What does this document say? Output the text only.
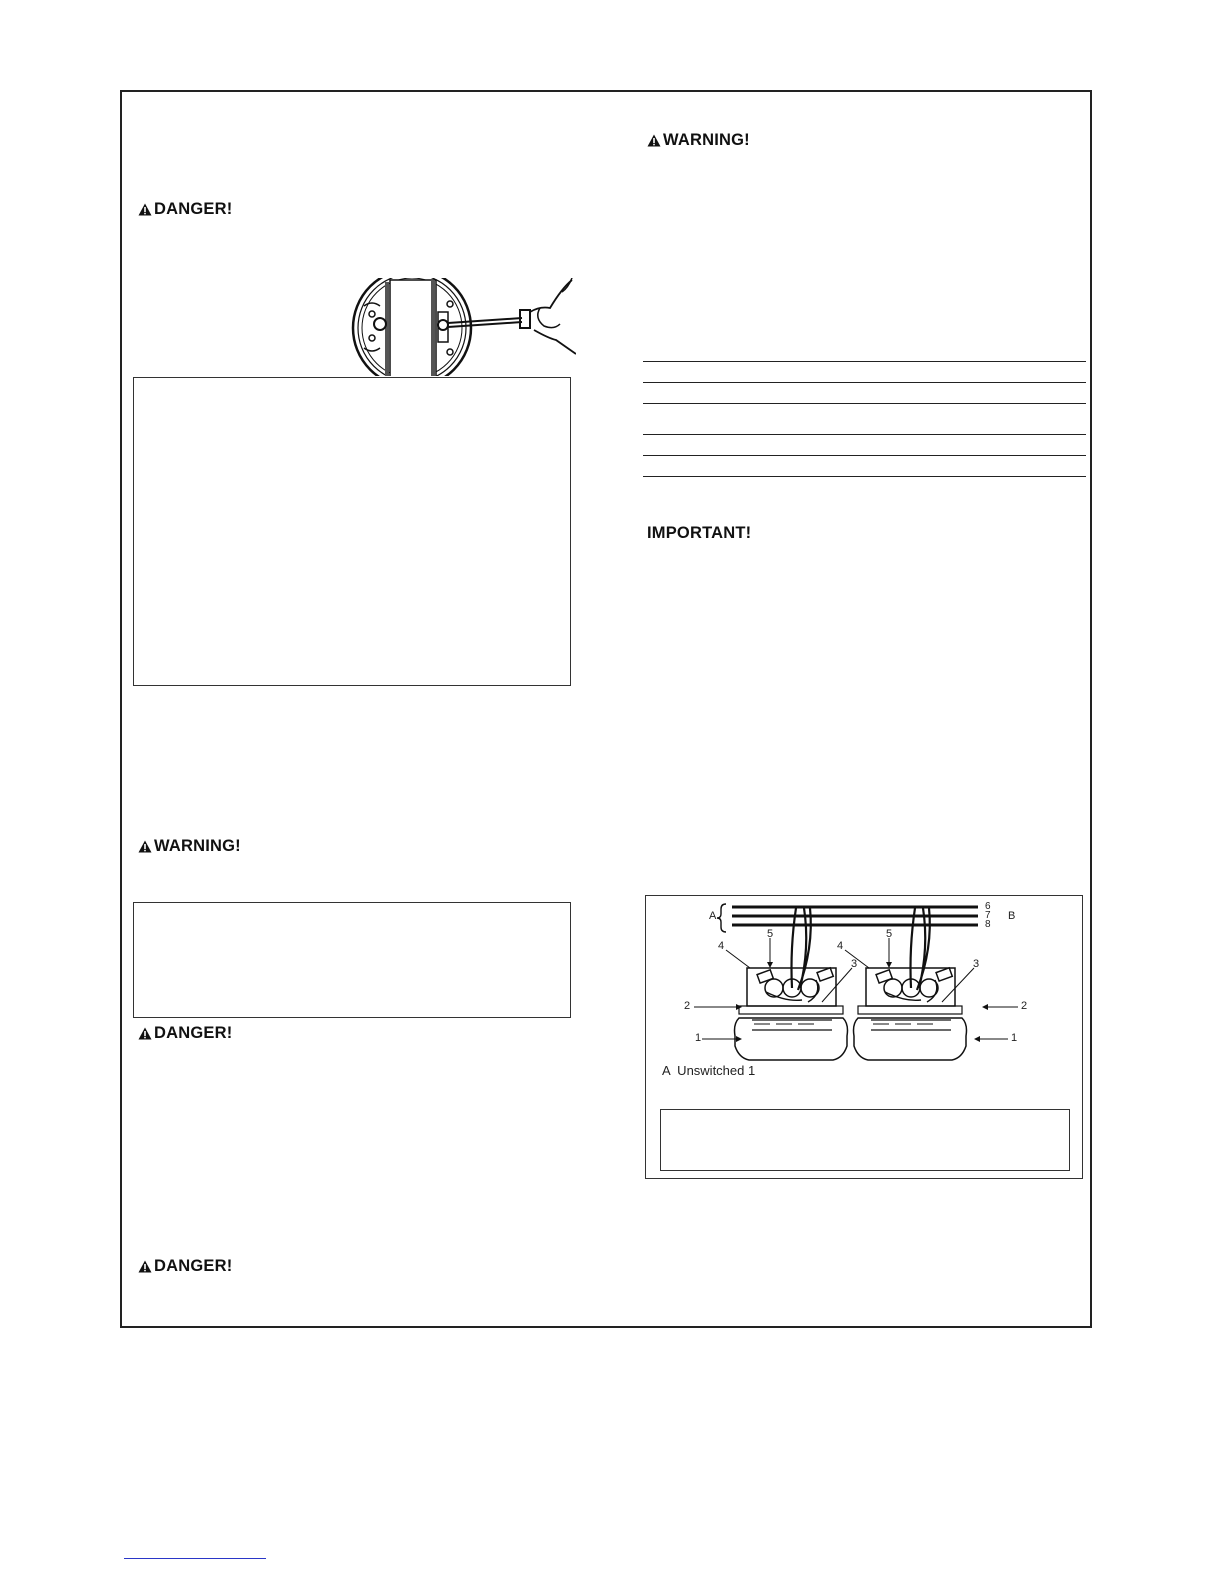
DANGER!
WARNING!
DANGER!
DANGER!
WARNING!
IMPORTANT!
A	B
6
7
8
4	4
5	5
3	3
2	2
1	1
A  Unswitched 1
